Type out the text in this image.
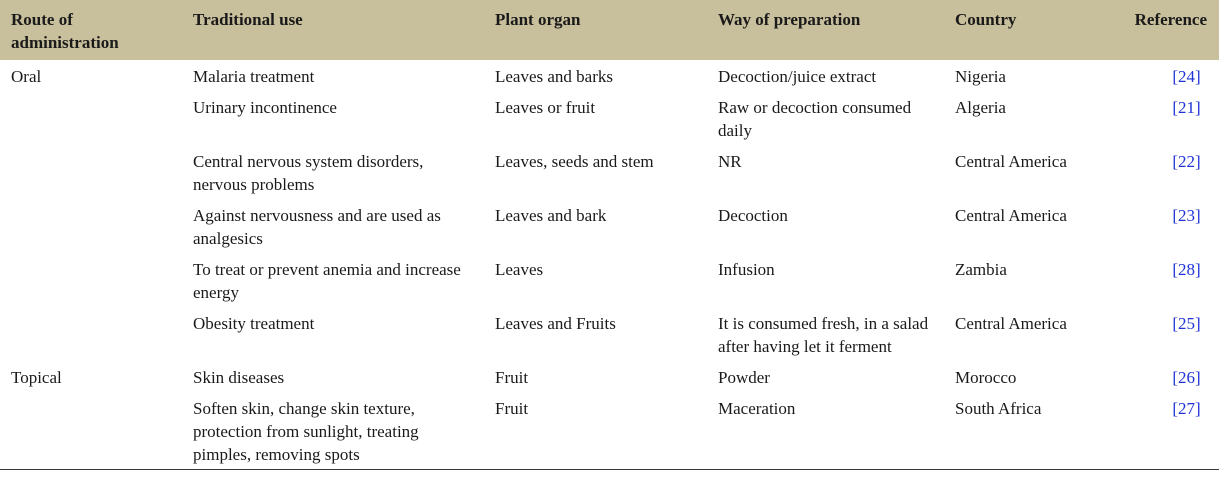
Route of administration	Traditional use	Plant organ	Way of preparation	Country	Reference
Oral	Malaria treatment	Leaves and barks	Decoction/juice extract	Nigeria	[24]
	Urinary incontinence	Leaves or fruit	Raw or decoction consumed daily	Algeria	[21]
	Central nervous system disorders, nervous problems	Leaves, seeds and stem	NR	Central America	[22]
	Against nervousness and are used as analgesics	Leaves and bark	Decoction	Central America	[23]
	To treat or prevent anemia and increase energy	Leaves	Infusion	Zambia	[28]
	Obesity treatment	Leaves and Fruits	It is consumed fresh, in a salad after having let it ferment	Central America	[25]
Topical	Skin diseases	Fruit	Powder	Morocco	[26]
	Soften skin, change skin texture, protection from sunlight, treating pimples, removing spots	Fruit	Maceration	South Africa	[27]
